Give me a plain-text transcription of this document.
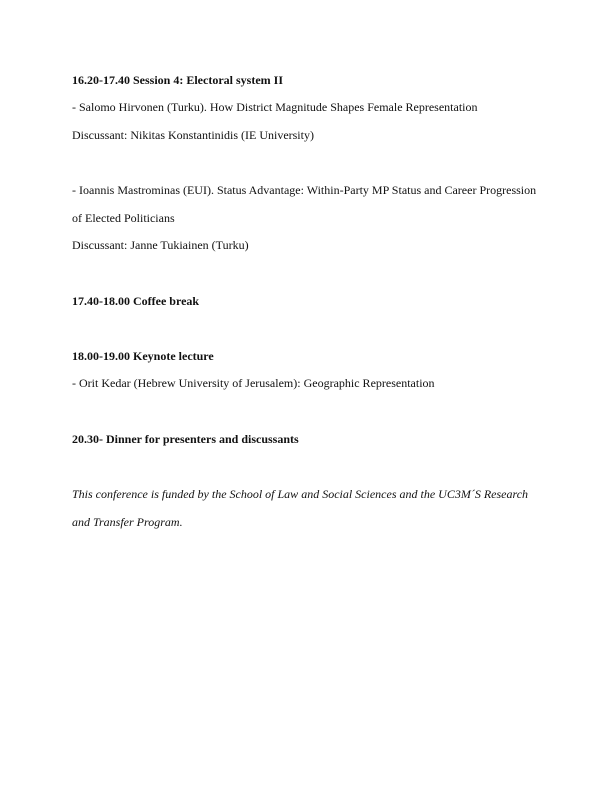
16.20-17.40 Session 4: Electoral system II
- Salomo Hirvonen (Turku). How District Magnitude Shapes Female Representation
Discussant: Nikitas Konstantinidis (IE University)
- Ioannis Mastrominas (EUI). Status Advantage: Within-Party MP Status and Career Progression
of Elected Politicians
Discussant: Janne Tukiainen (Turku)
17.40-18.00 Coffee break
18.00-19.00 Keynote lecture
- Orit Kedar (Hebrew University of Jerusalem): Geographic Representation
20.30- Dinner for presenters and discussants
This conference is funded by the School of Law and Social Sciences and the UC3M´S Research
and Transfer Program.
